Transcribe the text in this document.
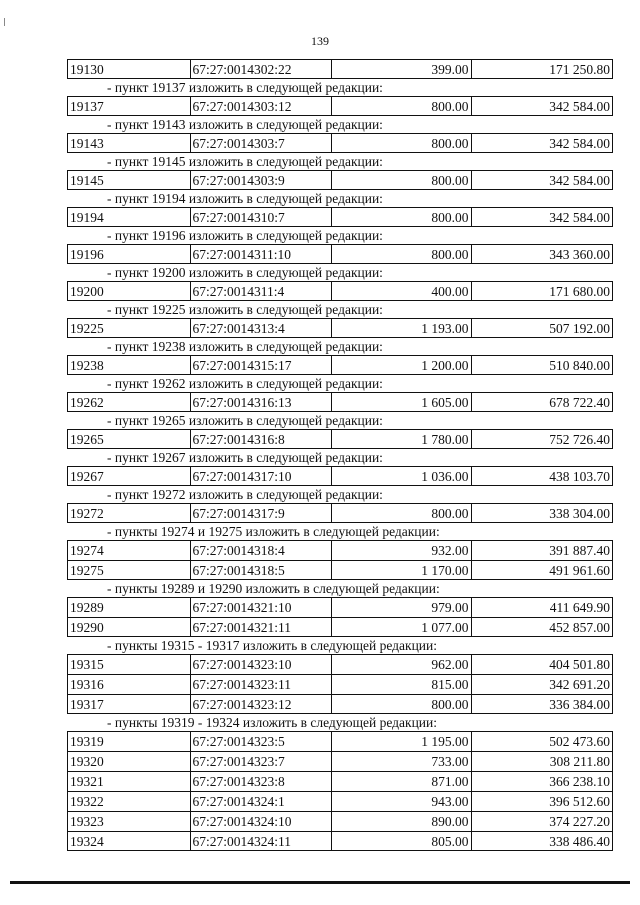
139
19130	67:27:0014302:22	399.00	171 250.80
- пункт 19137 изложить в следующей редакции:
19137	67:27:0014303:12	800.00	342 584.00
- пункт 19143 изложить в следующей редакции:
19143	67:27:0014303:7	800.00	342 584.00
- пункт 19145 изложить в следующей редакции:
19145	67:27:0014303:9	800.00	342 584.00
- пункт 19194 изложить в следующей редакции:
19194	67:27:0014310:7	800.00	342 584.00
- пункт 19196 изложить в следующей редакции:
19196	67:27:0014311:10	800.00	343 360.00
- пункт 19200 изложить в следующей редакции:
19200	67:27:0014311:4	400.00	171 680.00
- пункт 19225 изложить в следующей редакции:
19225	67:27:0014313:4	1 193.00	507 192.00
- пункт 19238 изложить в следующей редакции:
19238	67:27:0014315:17	1 200.00	510 840.00
- пункт 19262 изложить в следующей редакции:
19262	67:27:0014316:13	1 605.00	678 722.40
- пункт 19265 изложить в следующей редакции:
19265	67:27:0014316:8	1 780.00	752 726.40
- пункт 19267 изложить в следующей редакции:
19267	67:27:0014317:10	1 036.00	438 103.70
- пункт 19272 изложить в следующей редакции:
19272	67:27:0014317:9	800.00	338 304.00
- пункты 19274 и 19275 изложить в следующей редакции:
19274	67:27:0014318:4	932.00	391 887.40
19275	67:27:0014318:5	1 170.00	491 961.60
- пункты 19289 и 19290 изложить в следующей редакции:
19289	67:27:0014321:10	979.00	411 649.90
19290	67:27:0014321:11	1 077.00	452 857.00
- пункты 19315 - 19317 изложить в следующей редакции:
19315	67:27:0014323:10	962.00	404 501.80
19316	67:27:0014323:11	815.00	342 691.20
19317	67:27:0014323:12	800.00	336 384.00
- пункты 19319 - 19324 изложить в следующей редакции:
19319	67:27:0014323:5	1 195.00	502 473.60
19320	67:27:0014323:7	733.00	308 211.80
19321	67:27:0014323:8	871.00	366 238.10
19322	67:27:0014324:1	943.00	396 512.60
19323	67:27:0014324:10	890.00	374 227.20
19324	67:27:0014324:11	805.00	338 486.40
